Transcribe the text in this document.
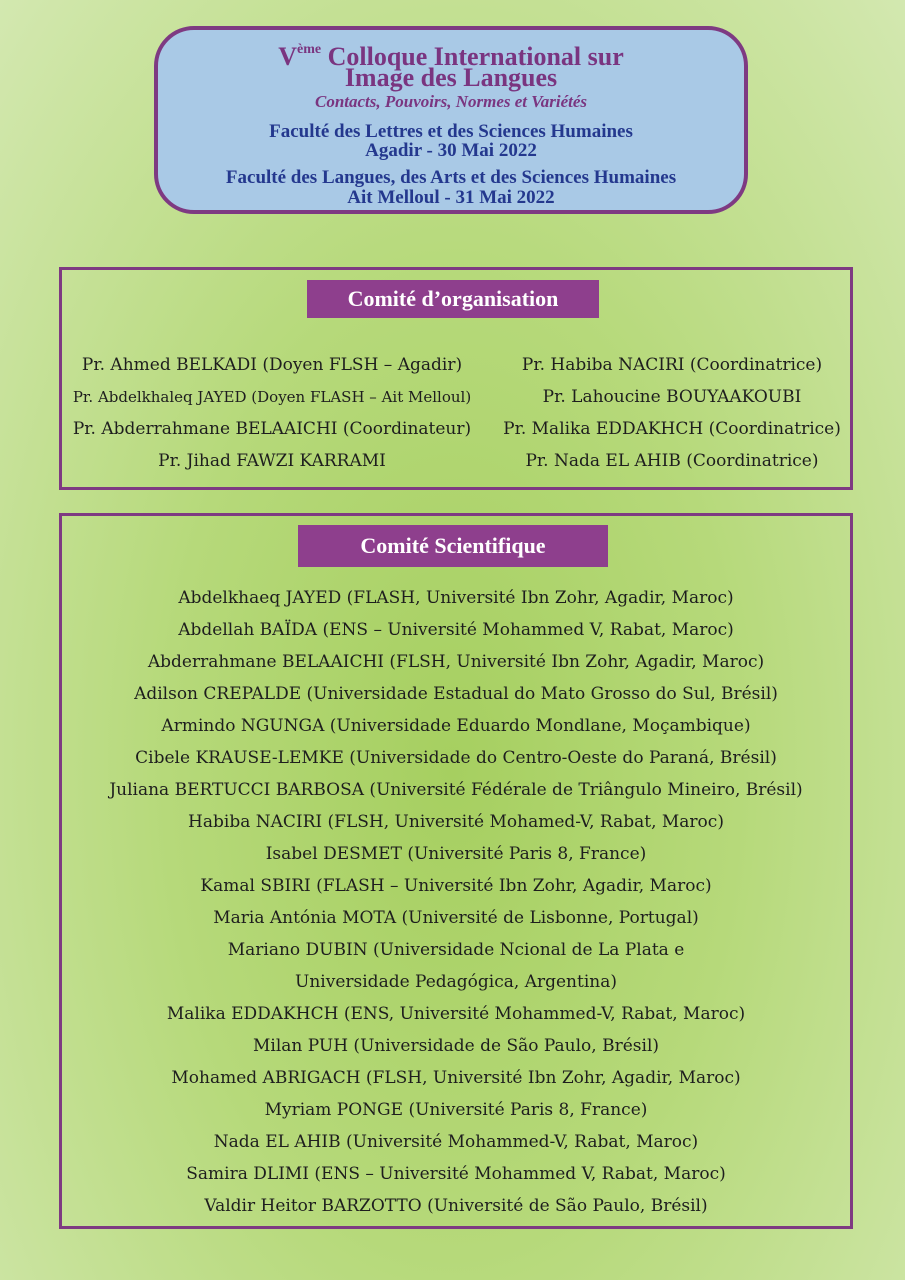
Vème Colloque International sur
Image des Langues
Contacts, Pouvoirs, Normes et Variétés
Faculté des Lettres et des Sciences Humaines
Agadir - 30 Mai 2022
Faculté des Langues, des Arts et des Sciences Humaines
Ait Melloul - 31 Mai 2022
Comité d’organisation
Pr. Ahmed BELKADI (Doyen FLSH – Agadir)
Pr. Abdelkhaleq JAYED (Doyen FLASH – Ait Melloul)
Pr. Abderrahmane BELAAICHI (Coordinateur)
Pr. Jihad FAWZI KARRAMI
Pr. Habiba NACIRI (Coordinatrice)
Pr. Lahoucine BOUYAAKOUBI
Pr. Malika EDDAKHCH (Coordinatrice)
Pr. Nada EL AHIB (Coordinatrice)
Comité Scientifique
Abdelkhaeq JAYED (FLASH, Université Ibn Zohr, Agadir, Maroc)
Abdellah BAÏDA (ENS – Université Mohammed V, Rabat, Maroc)
Abderrahmane BELAAICHI (FLSH, Université Ibn Zohr, Agadir, Maroc)
Adilson CREPALDE (Universidade Estadual do Mato Grosso do Sul, Brésil)
Armindo NGUNGA (Universidade Eduardo Mondlane, Moçambique)
Cibele KRAUSE-LEMKE (Universidade do Centro-Oeste do Paraná, Brésil)
Juliana BERTUCCI BARBOSA (Université Fédérale de Triângulo Mineiro, Brésil)
Habiba NACIRI (FLSH, Université Mohamed-V, Rabat, Maroc)
Isabel DESMET (Université Paris 8, France)
Kamal SBIRI (FLASH – Université Ibn Zohr, Agadir, Maroc)
Maria Antónia MOTA (Université de Lisbonne, Portugal)
Mariano DUBIN (Universidade Ncional de La Plata e
Universidade Pedagógica, Argentina)
Malika EDDAKHCH (ENS, Université Mohammed-V, Rabat, Maroc)
Milan PUH (Universidade de São Paulo, Brésil)
Mohamed ABRIGACH (FLSH, Université Ibn Zohr, Agadir, Maroc)
Myriam PONGE (Université Paris 8, France)
Nada EL AHIB (Université Mohammed-V, Rabat, Maroc)
Samira DLIMI (ENS – Université Mohammed V, Rabat, Maroc)
Valdir Heitor BARZOTTO (Université de São Paulo, Brésil)
